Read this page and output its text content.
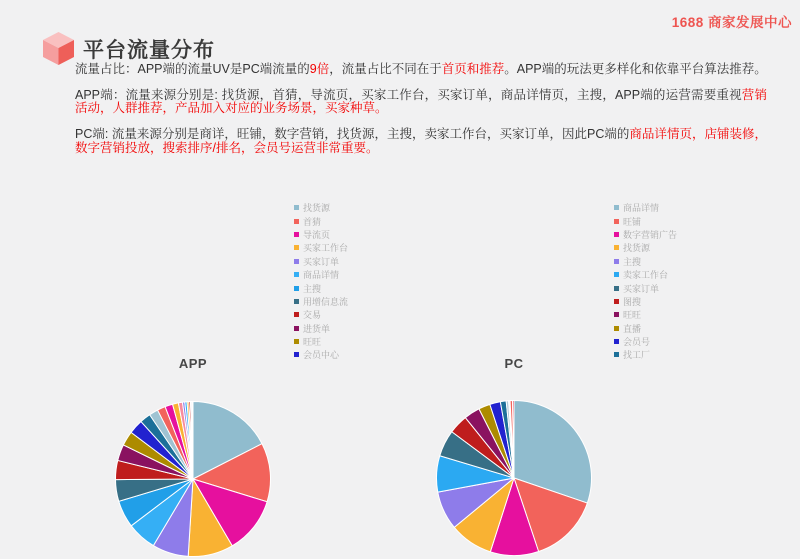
1688 商家发展中心
平台流量分布
流量占比：APP端的流量UV是PC端流量的9倍，流量占比不同在于首页和推荐。APP端的玩法更多样化和依靠平台算法推荐。
APP端：流量来源分别是: 找货源，首猜，导流页，买家工作台，买家订单，商品详情页，主搜，APP端的运营需要重视营销活动，人群推荐，产品加入对应的业务场景，买家种草。
PC端: 流量来源分别是商详，旺铺，数字营销，找货源，主搜，卖家工作台，买家订单，因此PC端的商品详情页，店铺装修，数字营销投放，搜索排序/排名，会员号运营非常重要。
找货源
首猜
导流页
买家工作台
买家订单
商品详情
主搜
用增信息流
交易
进货单
旺旺
会员中心
APP
商品详情
旺铺
数字营销广告
找货源
主搜
卖家工作台
买家订单
图搜
旺旺
直播
会员号
找工厂
PC
